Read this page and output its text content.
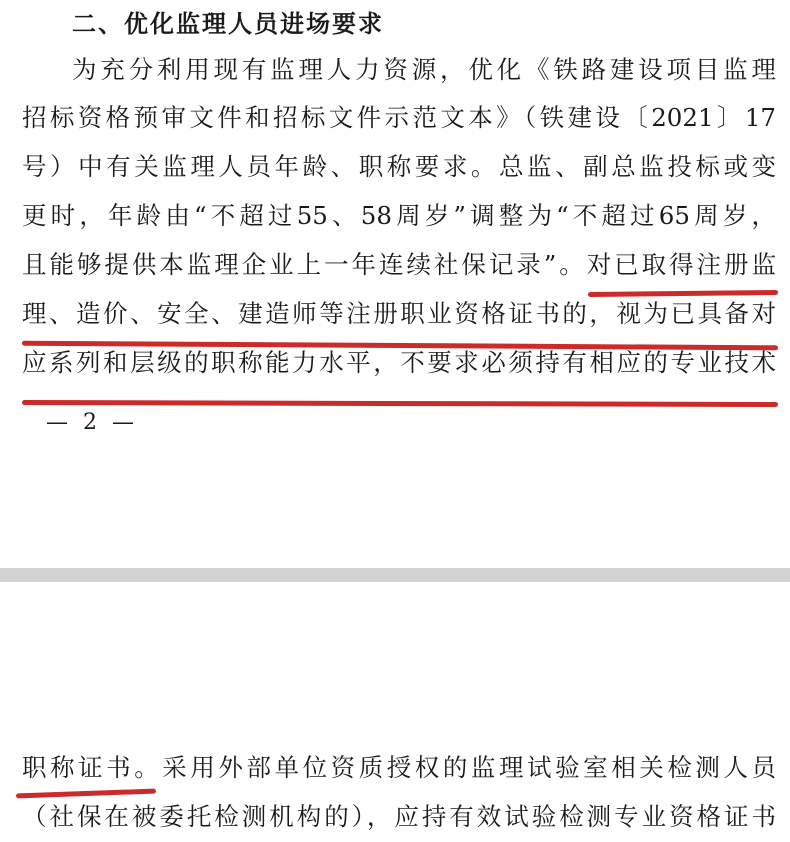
二、优化监理人员进场要求
为充分利用现有监理人力资源，优化《铁路建设项目监理
招标资格预审文件和招标文件示范文本》（铁建设〔2021〕17
号）中有关监理人员年龄、职称要求。总监、副总监投标或变
更时，年龄由“不超过55、58周岁”调整为“不超过65周岁，
且能够提供本监理企业上一年连续社保记录”。对已取得注册监
理、造价、安全、建造师等注册职业资格证书的，视为已具备对
应系列和层级的职称能力水平，不要求必须持有相应的专业技术
— 2 —
职称证书。采用外部单位资质授权的监理试验室相关检测人员
（社保在被委托检测机构的），应持有效试验检测专业资格证书
